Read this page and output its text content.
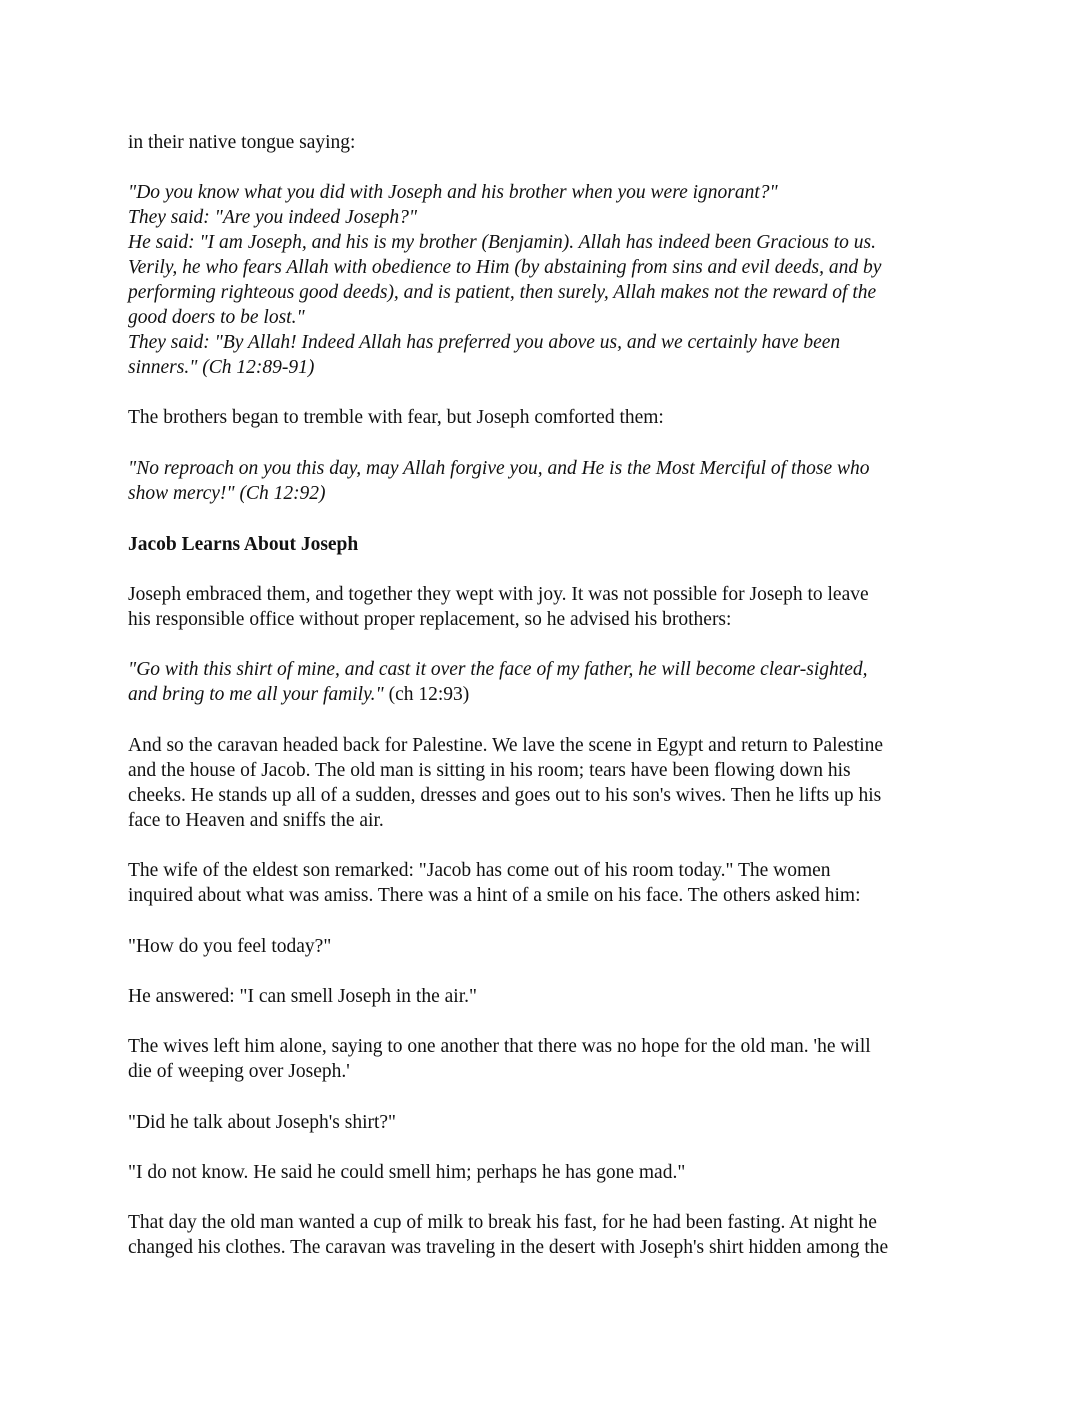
in their native tongue saying:
"Do you know what you did with Joseph and his brother when you were ignorant?"
They said: "Are you indeed Joseph?"
He said: "I am Joseph, and his is my brother (Benjamin). Allah has indeed been Gracious to us.
Verily, he who fears Allah with obedience to Him (by abstaining from sins and evil deeds, and by
performing righteous good deeds), and is patient, then surely, Allah makes not the reward of the
good doers to be lost."
They said: "By Allah! Indeed Allah has preferred you above us, and we certainly have been
sinners." (Ch 12:89-91)
The brothers began to tremble with fear, but Joseph comforted them:
"No reproach on you this day, may Allah forgive you, and He is the Most Merciful of those who
show mercy!" (Ch 12:92)
Jacob Learns About Joseph
Joseph embraced them, and together they wept with joy. It was not possible for Joseph to leave
his responsible office without proper replacement, so he advised his brothers:
"Go with this shirt of mine, and cast it over the face of my father, he will become clear-sighted,
and bring to me all your family." (ch 12:93)
And so the caravan headed back for Palestine. We lave the scene in Egypt and return to Palestine
and the house of Jacob. The old man is sitting in his room; tears have been flowing down his
cheeks. He stands up all of a sudden, dresses and goes out to his son's wives. Then he lifts up his
face to Heaven and sniffs the air.
The wife of the eldest son remarked: "Jacob has come out of his room today." The women
inquired about what was amiss. There was a hint of a smile on his face. The others asked him:
"How do you feel today?"
He answered: "I can smell Joseph in the air."
The wives left him alone, saying to one another that there was no hope for the old man. 'he will
die of weeping over Joseph.'
"Did he talk about Joseph's shirt?"
"I do not know. He said he could smell him; perhaps he has gone mad."
That day the old man wanted a cup of milk to break his fast, for he had been fasting. At night he
changed his clothes. The caravan was traveling in the desert with Joseph's shirt hidden among the
